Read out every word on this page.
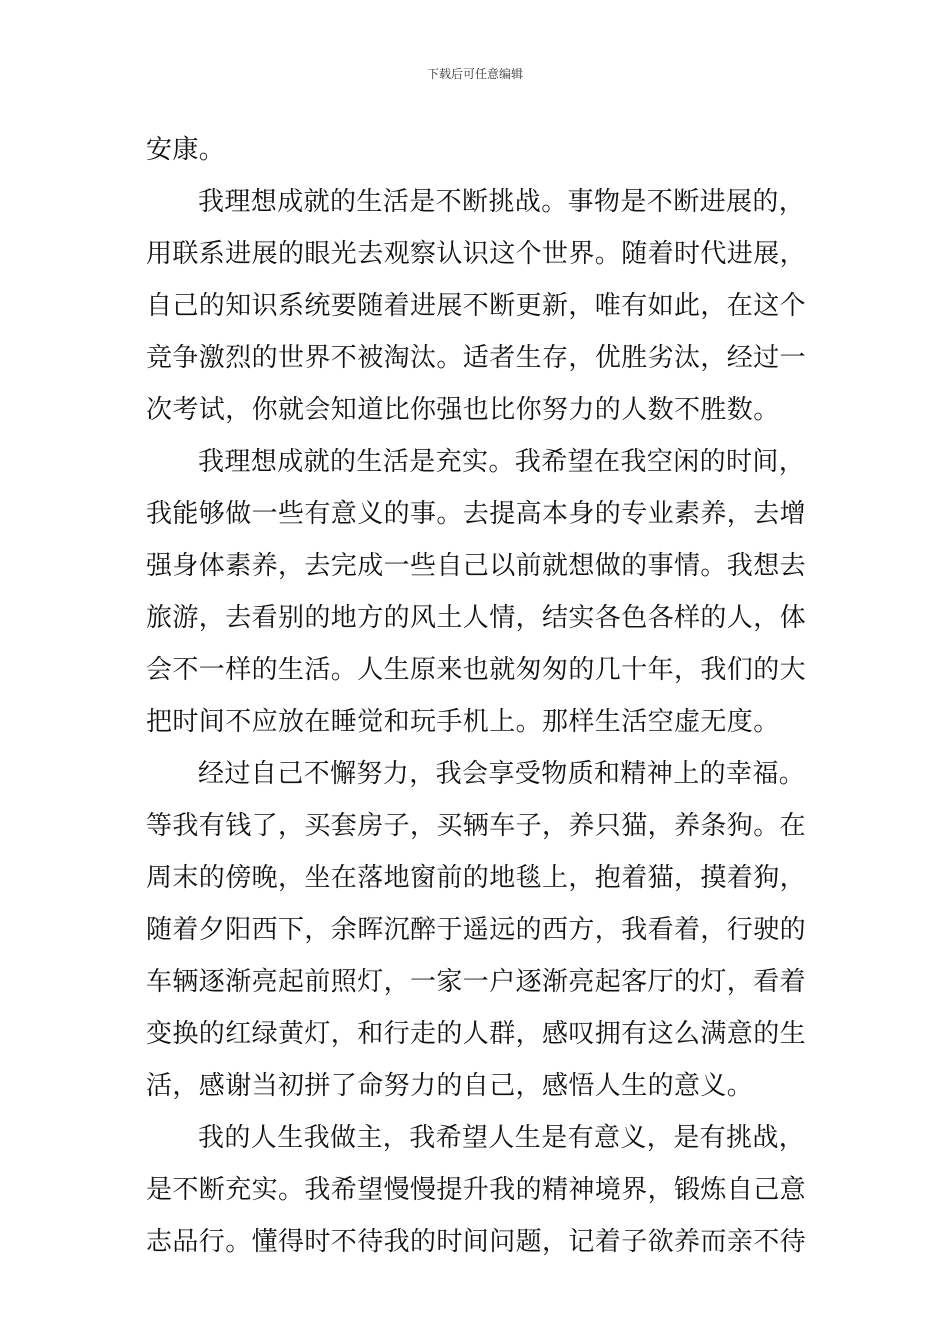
下载后可任意编辑
安康。
我理想成就的生活是不断挑战。事物是不断进展的，
用联系进展的眼光去观察认识这个世界。随着时代进展，
自己的知识系统要随着进展不断更新，唯有如此，在这个
竞争激烈的世界不被淘汰。适者生存，优胜劣汰，经过一
次考试，你就会知道比你强也比你努力的人数不胜数。
我理想成就的生活是充实。我希望在我空闲的时间，
我能够做一些有意义的事。去提高本身的专业素养，去增
强身体素养，去完成一些自己以前就想做的事情。我想去
旅游，去看别的地方的风土人情，结实各色各样的人，体
会不一样的生活。人生原来也就匆匆的几十年，我们的大
把时间不应放在睡觉和玩手机上。那样生活空虚无度。
经过自己不懈努力，我会享受物质和精神上的幸福。
等我有钱了，买套房子，买辆车子，养只猫，养条狗。在
周末的傍晚，坐在落地窗前的地毯上，抱着猫，摸着狗，
随着夕阳西下，余晖沉醉于遥远的西方，我看着，行驶的
车辆逐渐亮起前照灯，一家一户逐渐亮起客厅的灯，看着
变换的红绿黄灯，和行走的人群，感叹拥有这么满意的生
活，感谢当初拼了命努力的自己，感悟人生的意义。
我的人生我做主，我希望人生是有意义，是有挑战，
是不断充实。我希望慢慢提升我的精神境界，锻炼自己意
志品行。懂得时不待我的时间问题，记着子欲养而亲不待
